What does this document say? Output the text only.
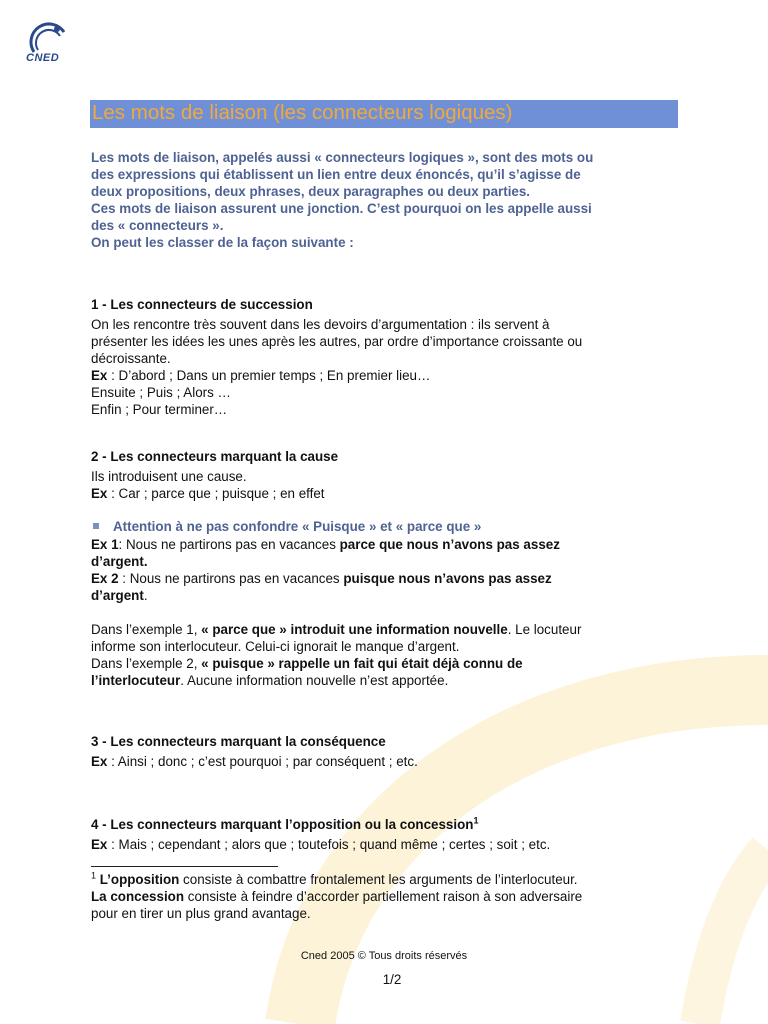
CNED
Les mots de liaison (les connecteurs logiques)

Les mots de liaison, appelés aussi « connecteurs logiques », sont des mots ou

des expressions qui établissent un lien entre deux énoncés, qu’il s’agisse de

deux propositions, deux phrases, deux paragraphes ou deux parties.

Ces mots de liaison assurent une jonction. C’est pourquoi on les appelle aussi

des « connecteurs ».

On peut les classer de la façon suivante :

1 - Les connecteurs de succession

On les rencontre très souvent dans les devoirs d’argumentation : ils servent à

présenter les idées les unes après les autres, par ordre d’importance croissante ou

décroissante.

Ex : D’abord ; Dans un premier temps ; En premier lieu…

Ensuite ; Puis ; Alors …

Enfin ; Pour terminer…

2 - Les connecteurs marquant la cause

Ils introduisent une cause.

Ex : Car ; parce que ; puisque ; en effet

Attention à ne pas confondre « Puisque » et « parce que »

Ex 1: Nous ne partirons pas en vacances parce que nous n’avons pas assez

d’argent.

Ex 2 : Nous ne partirons pas en vacances puisque nous n’avons pas assez

d’argent.

Dans l’exemple 1, « parce que » introduit une information nouvelle. Le locuteur

informe son interlocuteur. Celui-ci ignorait le manque d’argent.

Dans l’exemple 2, « puisque » rappelle un fait qui était déjà connu de

l’interlocuteur. Aucune information nouvelle n’est apportée.

3 - Les connecteurs marquant la conséquence

Ex : Ainsi ; donc ; c’est pourquoi ; par conséquent ; etc.

4 - Les connecteurs marquant l’opposition ou la concession$^1$

Ex : Mais ; cependant ; alors que ; toutefois ; quand même ; certes ; soit ; etc.

$^1$ L’opposition consiste à combattre frontalement les arguments de l’interlocuteur.

La concession consiste à feindre d’accorder partiellement raison à son adversaire

pour en tirer un plus grand avantage.

Cned 2005 © Tous droits réservés
1/2
